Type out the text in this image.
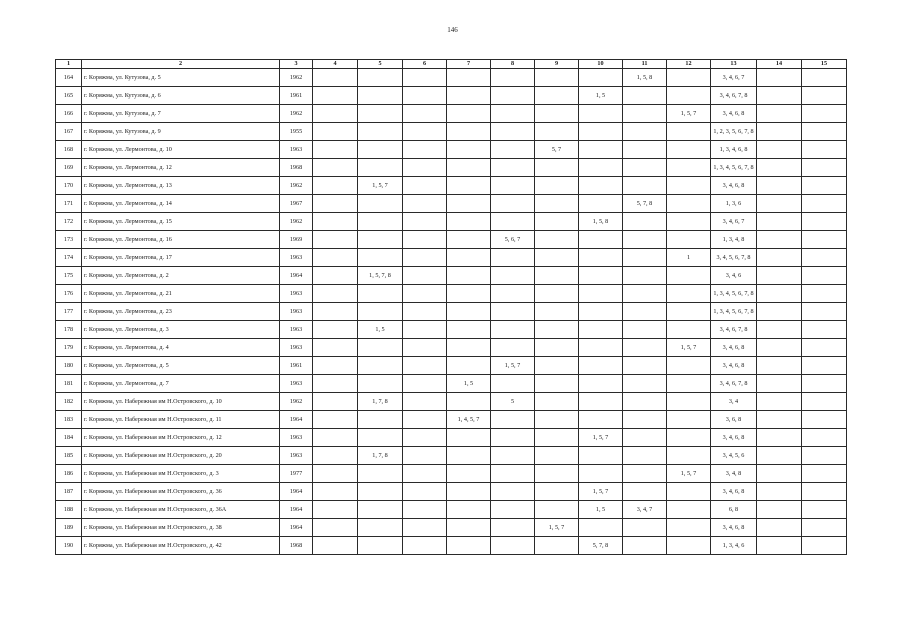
146
1	2	3	4	5	6	7	8	9	10	11	12	13	14	15
164	г. Коряжма, ул. Кутузова, д. 5	1962								1, 5, 8		3, 4, 6, 7		
165	г. Коряжма, ул. Кутузова, д. 6	1961							1, 5			3, 4, 6, 7, 8		
166	г. Коряжма, ул. Кутузова, д. 7	1962									1, 5, 7	3, 4, 6, 8		
167	г. Коряжма, ул. Кутузова, д. 9	1955										1, 2, 3, 5, 6, 7, 8		
168	г. Коряжма, ул. Лермонтова, д. 10	1963						5, 7				1, 3, 4, 6, 8		
169	г. Коряжма, ул. Лермонтова, д. 12	1968										1, 3, 4, 5, 6, 7, 8		
170	г. Коряжма, ул. Лермонтова, д. 13	1962		1, 5, 7								3, 4, 6, 8		
171	г. Коряжма, ул. Лермонтова, д. 14	1967								5, 7, 8		1, 3, 6		
172	г. Коряжма, ул. Лермонтова, д. 15	1962							1, 5, 8			3, 4, 6, 7		
173	г. Коряжма, ул. Лермонтова, д. 16	1969					5, 6, 7					1, 3, 4, 8		
174	г. Коряжма, ул. Лермонтова, д. 17	1963									1	3, 4, 5, 6, 7, 8		
175	г. Коряжма, ул. Лермонтова, д. 2	1964		1, 5, 7, 8								3, 4, 6		
176	г. Коряжма, ул. Лермонтова, д. 21	1963										1, 3, 4, 5, 6, 7, 8		
177	г. Коряжма, ул. Лермонтова, д. 23	1963										1, 3, 4, 5, 6, 7, 8		
178	г. Коряжма, ул. Лермонтова, д. 3	1963		1, 5								3, 4, 6, 7, 8		
179	г. Коряжма, ул. Лермонтова, д. 4	1963									1, 5, 7	3, 4, 6, 8		
180	г. Коряжма, ул. Лермонтова, д. 5	1961					1, 5, 7					3, 4, 6, 8		
181	г. Коряжма, ул. Лермонтова, д. 7	1963				1, 5						3, 4, 6, 7, 8		
182	г. Коряжма, ул. Набережная им Н.Островского, д. 10	1962		1, 7, 8			5					3, 4		
183	г. Коряжма, ул. Набережная им Н.Островского, д. 11	1964				1, 4, 5, 7						3, 6, 8		
184	г. Коряжма, ул. Набережная им Н.Островского, д. 12	1963							1, 5, 7			3, 4, 6, 8		
185	г. Коряжма, ул. Набережная им Н.Островского, д. 20	1963		1, 7, 8								3, 4, 5, 6		
186	г. Коряжма, ул. Набережная им Н.Островского, д. 3	1977									1, 5, 7	3, 4, 8		
187	г. Коряжма, ул. Набережная им Н.Островского, д. 36	1964							1, 5, 7			3, 4, 6, 8		
188	г. Коряжма, ул. Набережная им Н.Островского, д. 36А	1964							1, 5	3, 4, 7		6, 8		
189	г. Коряжма, ул. Набережная им Н.Островского, д. 38	1964						1, 5, 7				3, 4, 6, 8		
190	г. Коряжма, ул. Набережная им Н.Островского, д. 42	1968							5, 7, 8			1, 3, 4, 6		
